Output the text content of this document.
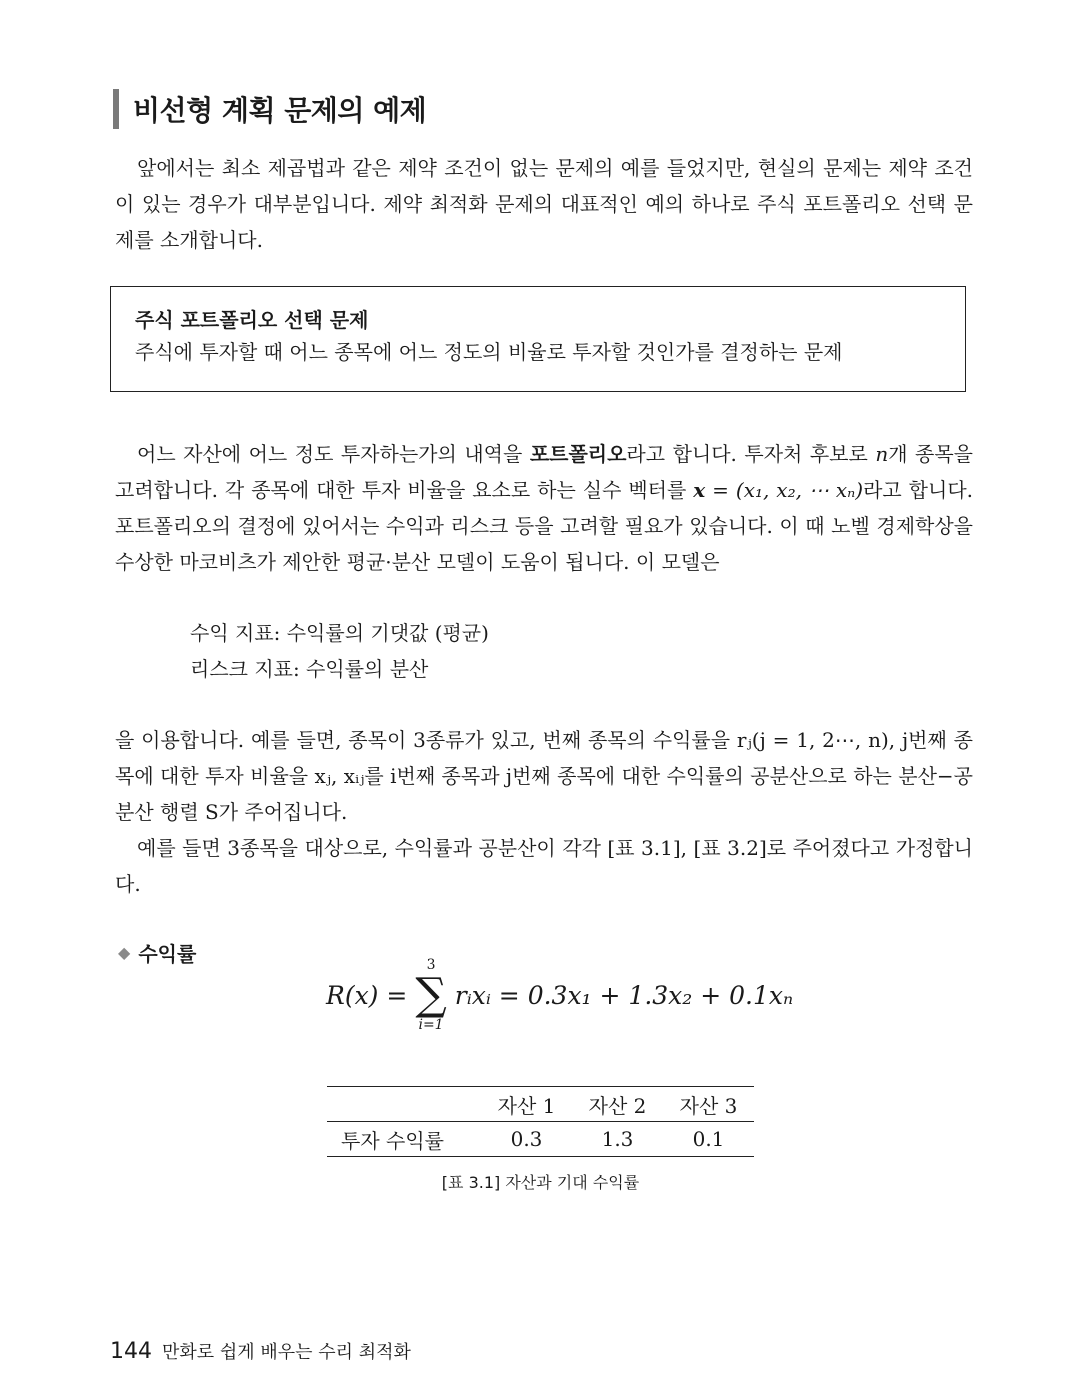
비선형 계획 문제의 예제

앞에서는 최소 제곱법과 같은 제약 조건이 없는 문제의 예를 들었지만, 현실의 문제는 제약 조건이 있는 경우가 대부분입니다. 제약 최적화 문제의 대표적인 예의 하나로 주식 포트폴리오 선택 문제를 소개합니다.

주식 포트폴리오 선택 문제
주식에 투자할 때 어느 종목에 어느 정도의 비율로 투자할 것인가를 결정하는 문제

어느 자산에 어느 정도 투자하는가의 내역을 포트폴리오라고 합니다. 투자처 후보로 n개 종목을 고려합니다. 각 종목에 대한 투자 비율을 요소로 하는 실수 벡터를 x = (x₁, x₂, ⋯ xₙ)라고 합니다. 포트폴리오의 결정에 있어서는 수익과 리스크 등을 고려할 필요가 있습니다. 이 때 노벨 경제학상을 수상한 마코비츠가 제안한 평균·분산 모델이 도움이 됩니다. 이 모델은

수익 지표: 수익률의 기댓값 (평균)
리스크 지표: 수익률의 분산

을 이용합니다. 예를 들면, 종목이 3종류가 있고, 번째 종목의 수익률을 rⱼ(j = 1, 2⋯, n), j번째 종목에 대한 투자 비율을 xⱼ, xᵢⱼ를 i번째 종목과 j번째 종목에 대한 수익률의 공분산으로 하는 분산−공분산 행렬 S가 주어집니다.

예를 들면 3종목을 대상으로, 수익률과 공분산이 각각 [표 3.1], [표 3.2]로 주어졌다고 가정합니다.

◆ 수익률
R(x) =
3
∑
i=1
rᵢxᵢ = 0.3x₁ + 1.3x₂ + 0.1xₙ
	자산 1	자산 2	자산 3
투자 수익률	0.3	1.3	0.1
[표 3.1] 자산과 기대 수익률
144 만화로 쉽게 배우는 수리 최적화
